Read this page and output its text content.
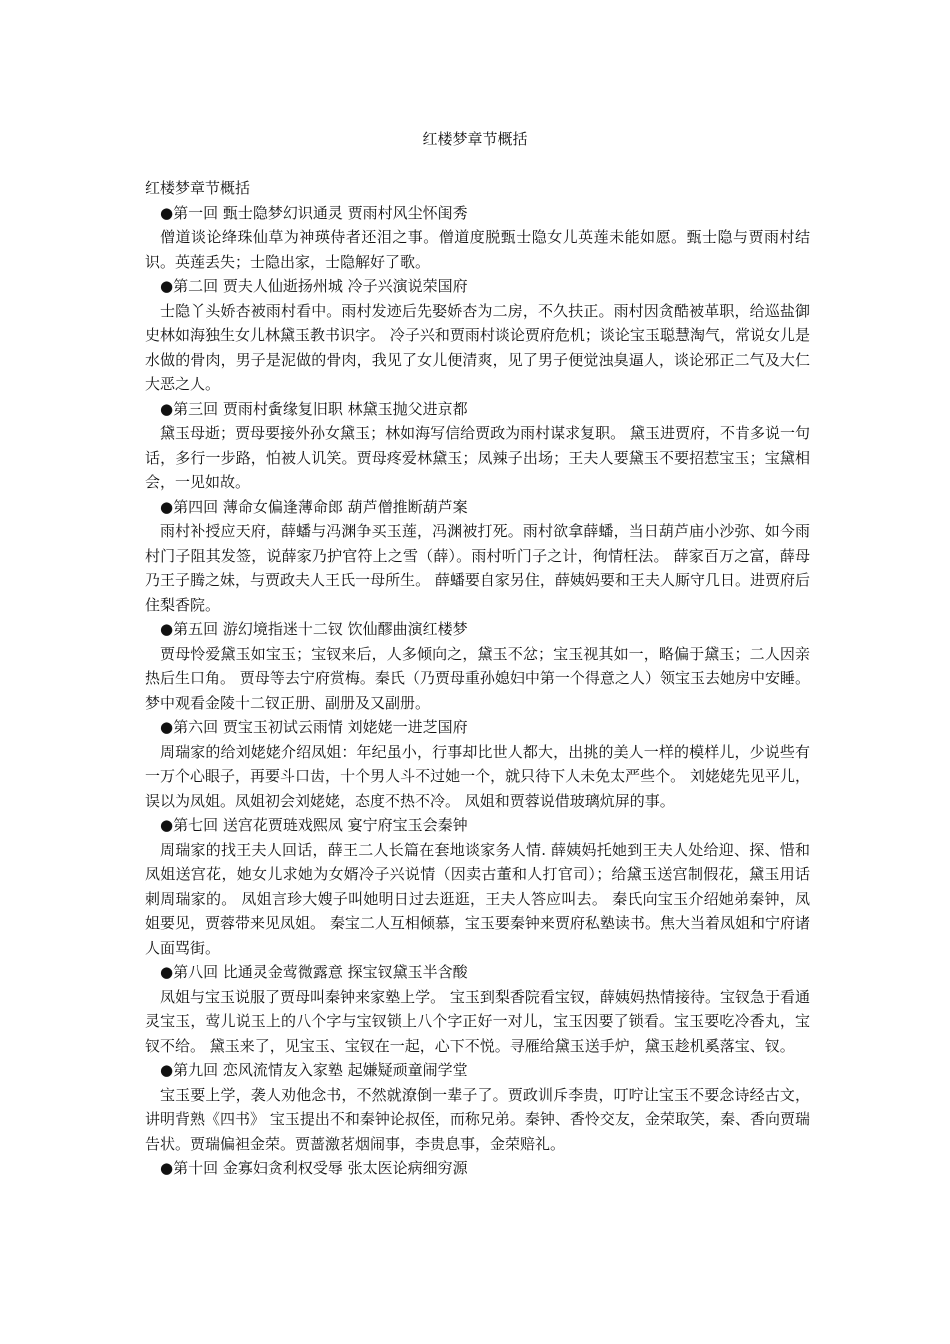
红楼梦章节概括

红楼梦章节概括

●第一回 甄士隐梦幻识通灵 贾雨村风尘怀闺秀

僧道谈论绛珠仙草为神瑛侍者还泪之事。僧道度脱甄士隐女儿英莲未能如愿。甄士隐与贾雨村结识。英莲丢失；士隐出家，士隐解好了歌。

●第二回 贾夫人仙逝扬州城 冷子兴演说荣国府

士隐丫头娇杏被雨村看中。雨村发迹后先娶娇杏为二房，不久扶正。雨村因贪酷被革职，给巡盐御史林如海独生女儿林黛玉教书识字。 冷子兴和贾雨村谈论贾府危机；谈论宝玉聪慧淘气，常说女儿是水做的骨肉，男子是泥做的骨肉，我见了女儿便清爽，见了男子便觉浊臭逼人，谈论邪正二气及大仁大恶之人。

●第三回 贾雨村夤缘复旧职 林黛玉抛父进京都

黛玉母逝；贾母要接外孙女黛玉；林如海写信给贾政为雨村谋求复职。 黛玉进贾府，不肯多说一句话，多行一步路，怕被人讥笑。贾母疼爱林黛玉；凤辣子出场；王夫人要黛玉不要招惹宝玉；宝黛相会，一见如故。

●第四回 薄命女偏逢薄命郎 葫芦僧推断葫芦案

雨村补授应天府，薛蟠与冯渊争买玉莲，冯渊被打死。雨村欲拿薛蟠，当日葫芦庙小沙弥、如今雨村门子阻其发签，说薛家乃护官符上之雪（薛）。雨村听门子之计，徇情枉法。 薛家百万之富，薛母乃王子腾之妹，与贾政夫人王氏一母所生。 薛蟠要自家另住，薛姨妈要和王夫人厮守几日。进贾府后住梨香院。

●第五回 游幻境指迷十二钗 饮仙醪曲演红楼梦

贾母怜爱黛玉如宝玉；宝钗来后，人多倾向之，黛玉不忿；宝玉视其如一，略偏于黛玉；二人因亲热后生口角。 贾母等去宁府赏梅。秦氏（乃贾母重孙媳妇中第一个得意之人）领宝玉去她房中安睡。梦中观看金陵十二钗正册、副册及又副册。

●第六回 贾宝玉初试云雨情 刘姥姥一进芝国府

周瑞家的给刘姥姥介绍凤姐：年纪虽小，行事却比世人都大，出挑的美人一样的模样儿，少说些有一万个心眼子，再要斗口齿，十个男人斗不过她一个，就只待下人未免太严些个。 刘姥姥先见平儿，误以为凤姐。凤姐初会刘姥姥，态度不热不冷。 凤姐和贾蓉说借玻璃炕屏的事。

●第七回 送宫花贾琏戏熙凤 宴宁府宝玉会秦钟

周瑞家的找王夫人回话，薛王二人长篇在套地谈家务人情. 薛姨妈托她到王夫人处给迎、探、惜和凤姐送宫花，她女儿求她为女婿冷子兴说情（因卖古董和人打官司）；给黛玉送宫制假花，黛玉用话刺周瑞家的。 凤姐言珍大嫂子叫她明日过去逛逛，王夫人答应叫去。 秦氏向宝玉介绍她弟秦钟，凤姐要见，贾蓉带来见凤姐。 秦宝二人互相倾慕，宝玉要秦钟来贾府私塾读书。焦大当着凤姐和宁府诸人面骂街。

●第八回 比通灵金莺微露意 探宝钗黛玉半含酸

凤姐与宝玉说服了贾母叫秦钟来家塾上学。 宝玉到梨香院看宝钗，薛姨妈热情接待。宝钗急于看通灵宝玉，莺儿说玉上的八个字与宝钗锁上八个字正好一对儿，宝玉因要了锁看。宝玉要吃冷香丸，宝钗不给。 黛玉来了，见宝玉、宝钗在一起，心下不悦。寻雁给黛玉送手炉，黛玉趁机奚落宝、钗。

●第九回 恋风流情友入家塾 起嫌疑顽童闹学堂

宝玉要上学，袭人劝他念书，不然就潦倒一辈子了。贾政训斥李贵，叮咛让宝玉不要念诗经古文，讲明背熟《四书》 宝玉提出不和秦钟论叔侄，而称兄弟。秦钟、香怜交友，金荣取笑，秦、香向贾瑞告状。贾瑞偏袒金荣。贾蔷激茗烟闹事，李贵息事，金荣赔礼。

●第十回 金寡妇贪利权受辱 张太医论病细穷源
